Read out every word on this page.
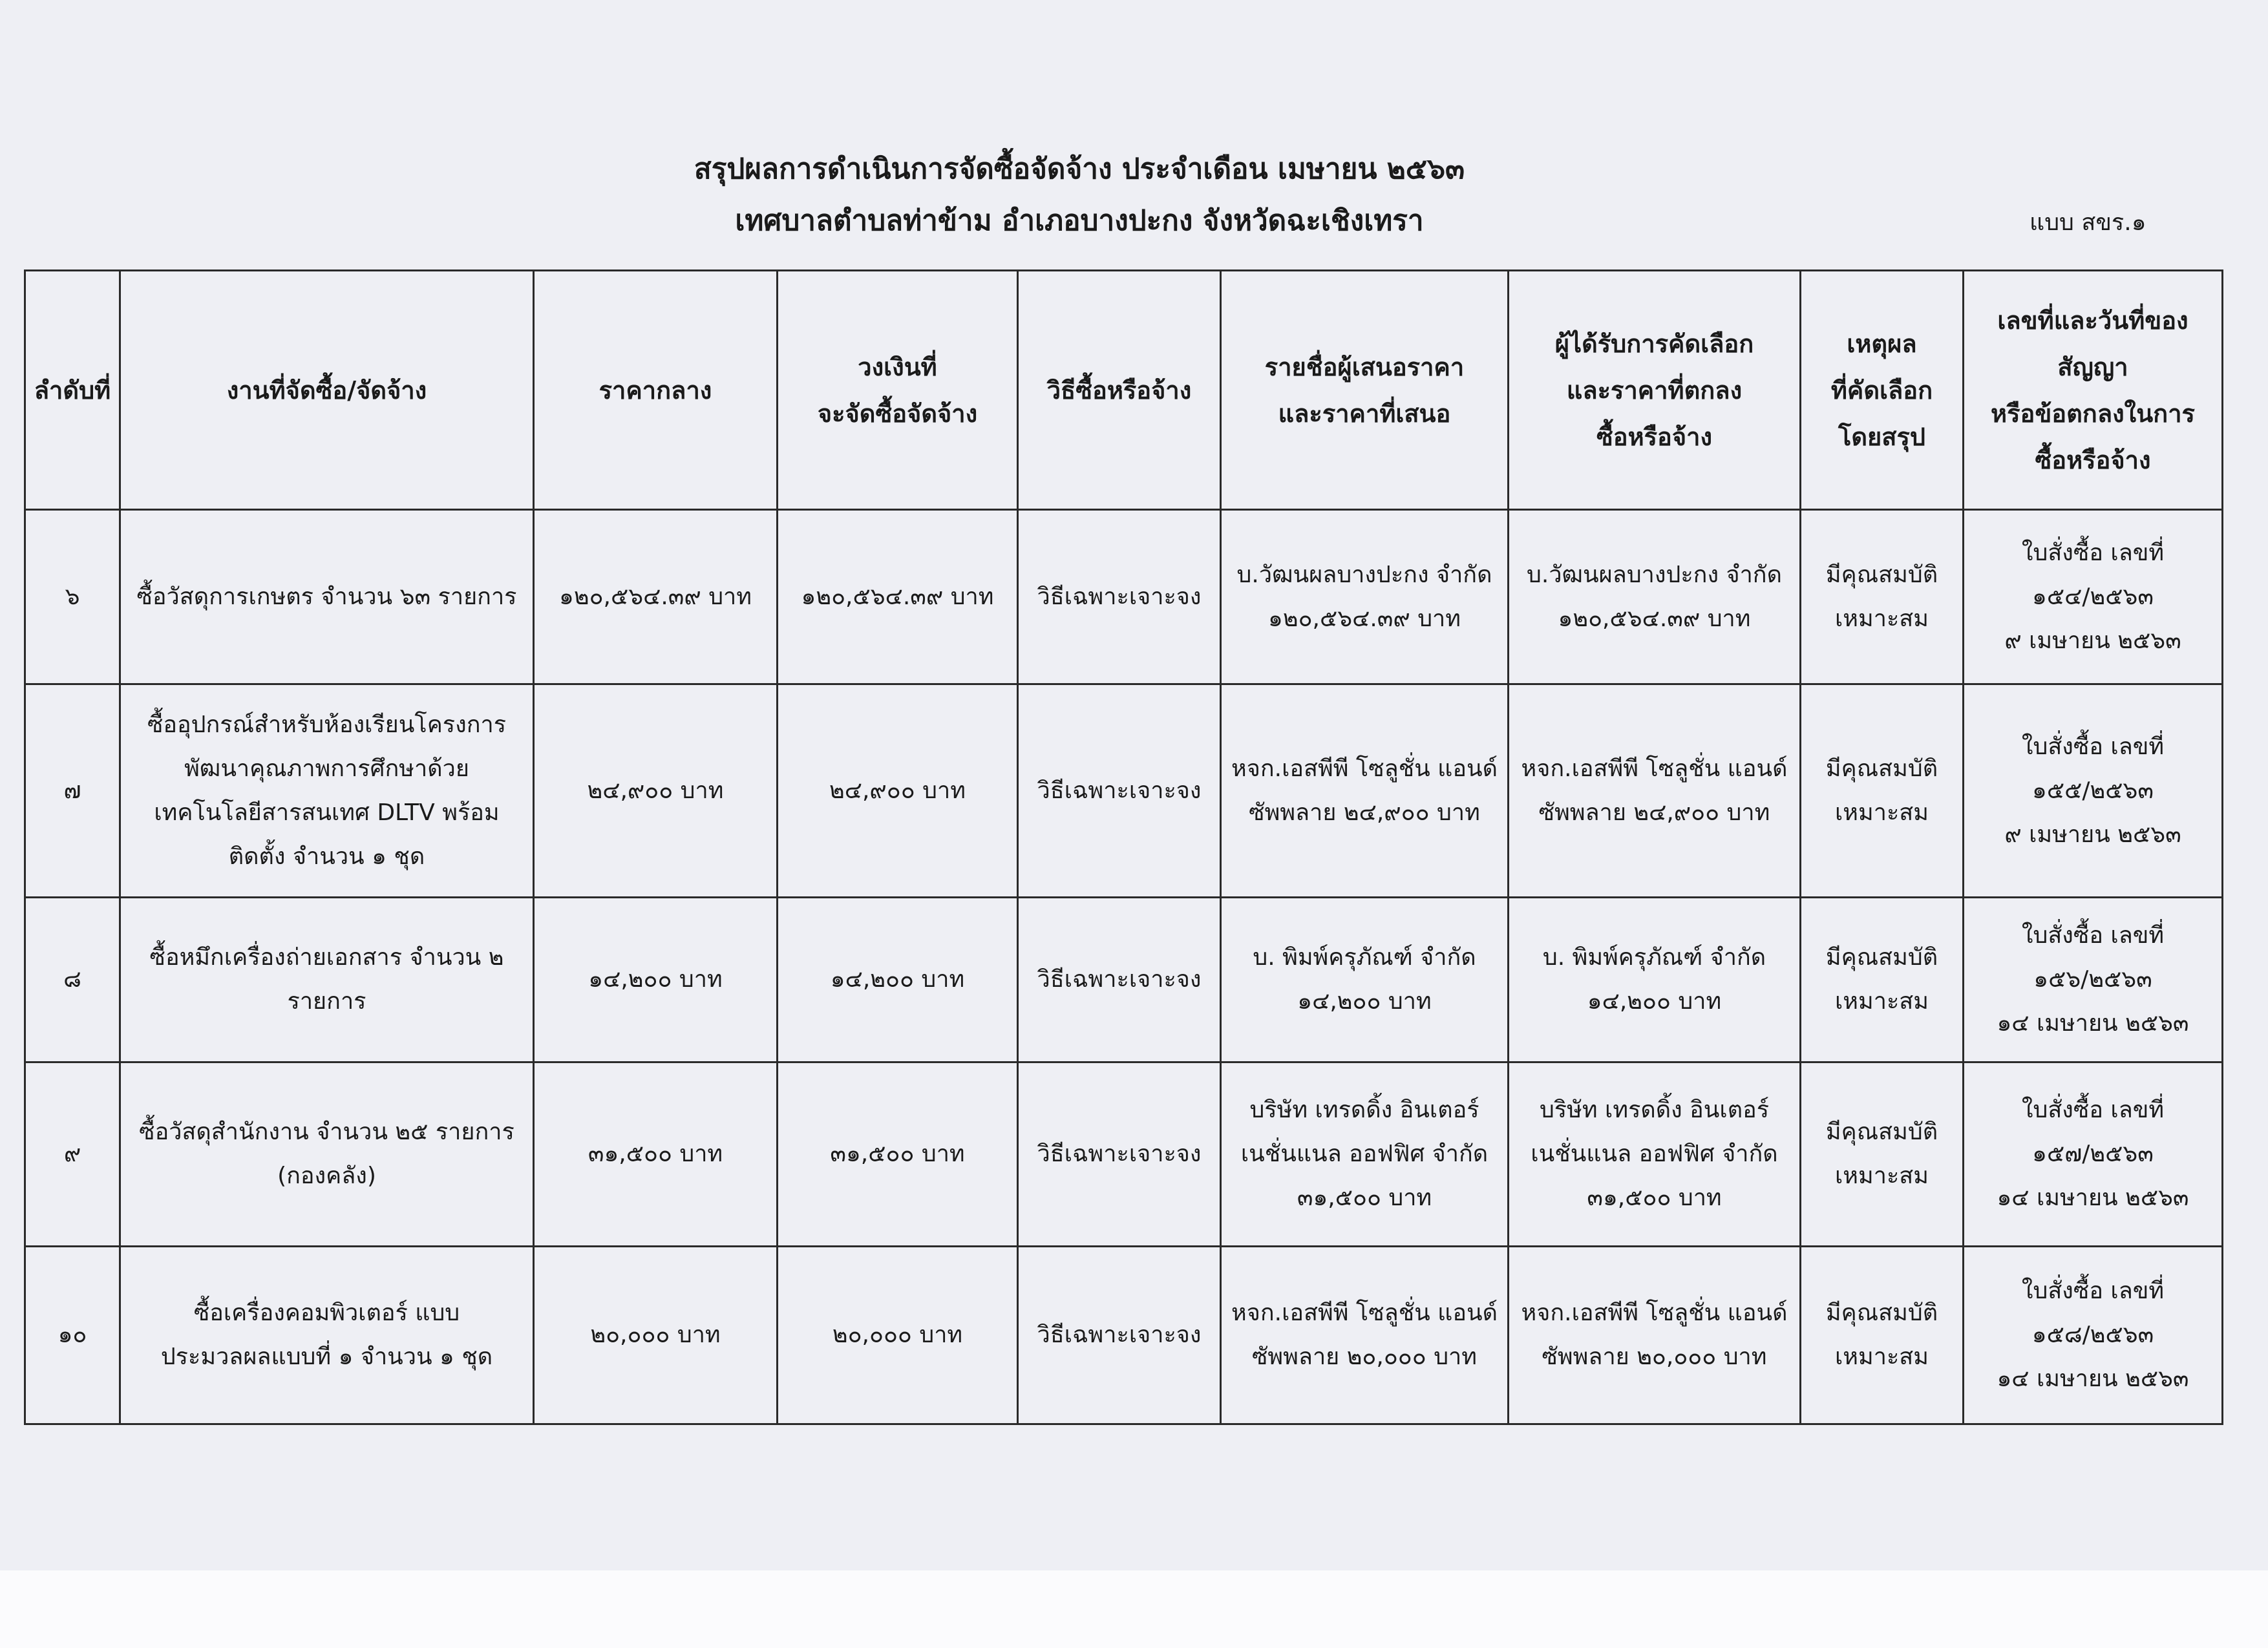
สรุปผลการดำเนินการจัดซื้อจัดจ้าง ประจำเดือน เมษายน ๒๕๖๓
เทศบาลตำบลท่าข้าม อำเภอบางปะกง จังหวัดฉะเชิงเทรา	แบบ สขร.๑
ลำดับที่	งานที่จัดซื้อ/จัดจ้าง	ราคากลาง	วงเงินที่
จะจัดซื้อจัดจ้าง	วิธีซื้อหรือจ้าง	รายชื่อผู้เสนอราคา
และราคาที่เสนอ	ผู้ได้รับการคัดเลือก
และราคาที่ตกลง
ซื้อหรือจ้าง	เหตุผล
ที่คัดเลือก
โดยสรุป	เลขที่และวันที่ของ
สัญญา
หรือข้อตกลงในการ
ซื้อหรือจ้าง

๖	ซื้อวัสดุการเกษตร จำนวน ๖๓ รายการ	๑๒๐,๕๖๔.๓๙ บาท	๑๒๐,๕๖๔.๓๙ บาท	วิธีเฉพาะเจาะจง	บ.วัฒนผลบางปะกง จำกัด
๑๒๐,๕๖๔.๓๙ บาท	บ.วัฒนผลบางปะกง จำกัด
๑๒๐,๕๖๔.๓๙ บาท	มีคุณสมบัติ
เหมาะสม	ใบสั่งซื้อ เลขที่
๑๕๔/๒๕๖๓
๙ เมษายน ๒๕๖๓

๗	ซื้ออุปกรณ์สำหรับห้องเรียนโครงการ
พัฒนาคุณภาพการศึกษาด้วย
เทคโนโลยีสารสนเทศ DLTV พร้อม
ติดตั้ง จำนวน ๑ ชุด	๒๔,๙๐๐ บาท	๒๔,๙๐๐ บาท	วิธีเฉพาะเจาะจง	หจก.เอสพีพี โซลูชั่น แอนด์
ซัพพลาย ๒๔,๙๐๐ บาท	หจก.เอสพีพี โซลูชั่น แอนด์
ซัพพลาย ๒๔,๙๐๐ บาท	มีคุณสมบัติ
เหมาะสม	ใบสั่งซื้อ เลขที่
๑๕๕/๒๕๖๓
๙ เมษายน ๒๕๖๓

๘	ซื้อหมึกเครื่องถ่ายเอกสาร จำนวน ๒
รายการ	๑๔,๒๐๐ บาท	๑๔,๒๐๐ บาท	วิธีเฉพาะเจาะจง	บ. พิมพ์ครุภัณฑ์ จำกัด
๑๔,๒๐๐ บาท	บ. พิมพ์ครุภัณฑ์ จำกัด
๑๔,๒๐๐ บาท	มีคุณสมบัติ
เหมาะสม	ใบสั่งซื้อ เลขที่
๑๕๖/๒๕๖๓
๑๔ เมษายน ๒๕๖๓

๙	ซื้อวัสดุสำนักงาน จำนวน ๒๕ รายการ
(กองคลัง)	๓๑,๕๐๐ บาท	๓๑,๕๐๐ บาท	วิธีเฉพาะเจาะจง	บริษัท เทรดดิ้ง อินเตอร์
เนชั่นแนล ออฟฟิศ จำกัด
๓๑,๕๐๐ บาท	บริษัท เทรดดิ้ง อินเตอร์
เนชั่นแนล ออฟฟิศ จำกัด
๓๑,๕๐๐ บาท	มีคุณสมบัติ
เหมาะสม	ใบสั่งซื้อ เลขที่
๑๕๗/๒๕๖๓
๑๔ เมษายน ๒๕๖๓

๑๐	ซื้อเครื่องคอมพิวเตอร์ แบบ
ประมวลผลแบบที่ ๑ จำนวน ๑ ชุด	๒๐,๐๐๐ บาท	๒๐,๐๐๐ บาท	วิธีเฉพาะเจาะจง	หจก.เอสพีพี โซลูชั่น แอนด์
ซัพพลาย ๒๐,๐๐๐ บาท	หจก.เอสพีพี โซลูชั่น แอนด์
ซัพพลาย ๒๐,๐๐๐ บาท	มีคุณสมบัติ
เหมาะสม	ใบสั่งซื้อ เลขที่
๑๕๘/๒๕๖๓
๑๔ เมษายน ๒๕๖๓
